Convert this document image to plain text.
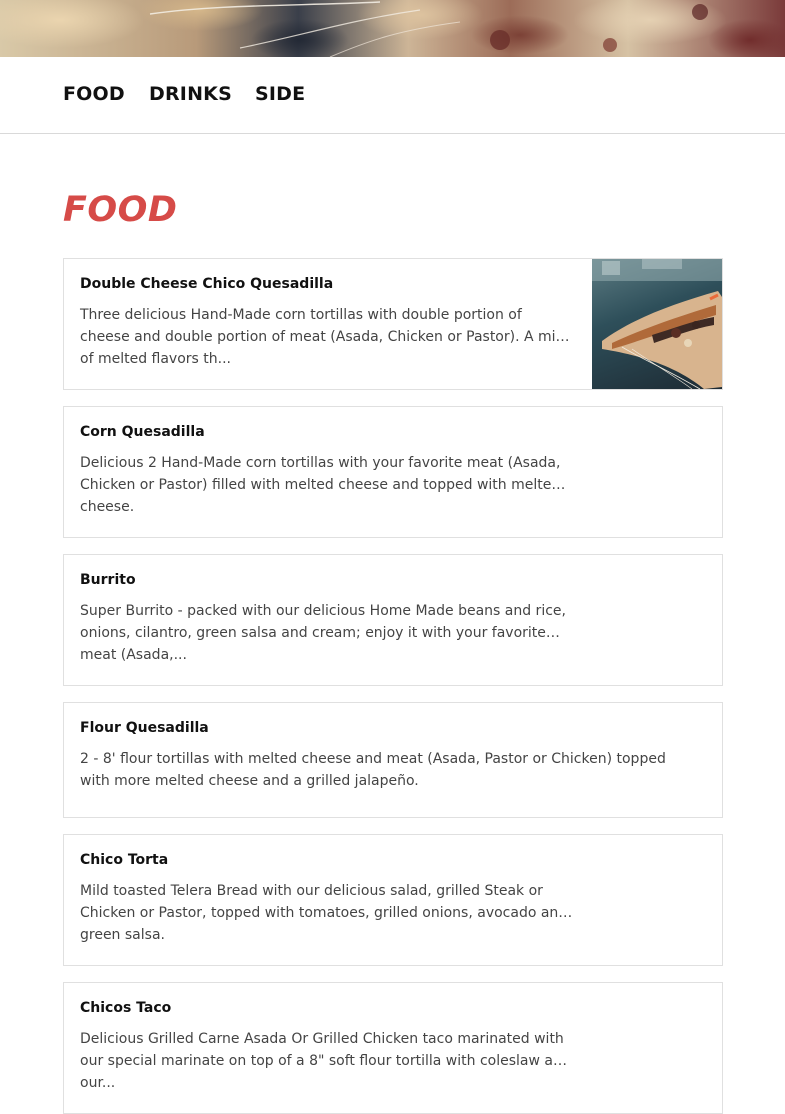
FOOD DRINKS SIDE
FOOD
Double Cheese Chico Quesadilla
Three delicious Hand-Made corn tortillas with double portion of cheese and double portion of meat (Asada, Chicken or Pastor). A mix of melted flavors th...
Corn Quesadilla
Delicious 2 Hand-Made corn tortillas with your favorite meat (Asada, Chicken or Pastor) filled with melted cheese and topped with melted cheese.
Burrito
Super Burrito - packed with our delicious Home Made beans and rice, onions, cilantro, green salsa and cream; enjoy it with your favorite meat (Asada,...
Flour Quesadilla
2 - 8' flour tortillas with melted cheese and meat (Asada, Pastor or Chicken) topped with more melted cheese and a grilled jalapeño.
Chico Torta
Mild toasted Telera Bread with our delicious salad, grilled Steak or Chicken or Pastor, topped with tomatoes, grilled onions, avocado and green salsa.
Chicos Taco
Delicious Grilled Carne Asada Or Grilled Chicken taco marinated with our special marinate on top of a 8" soft flour tortilla with coleslaw and our...
